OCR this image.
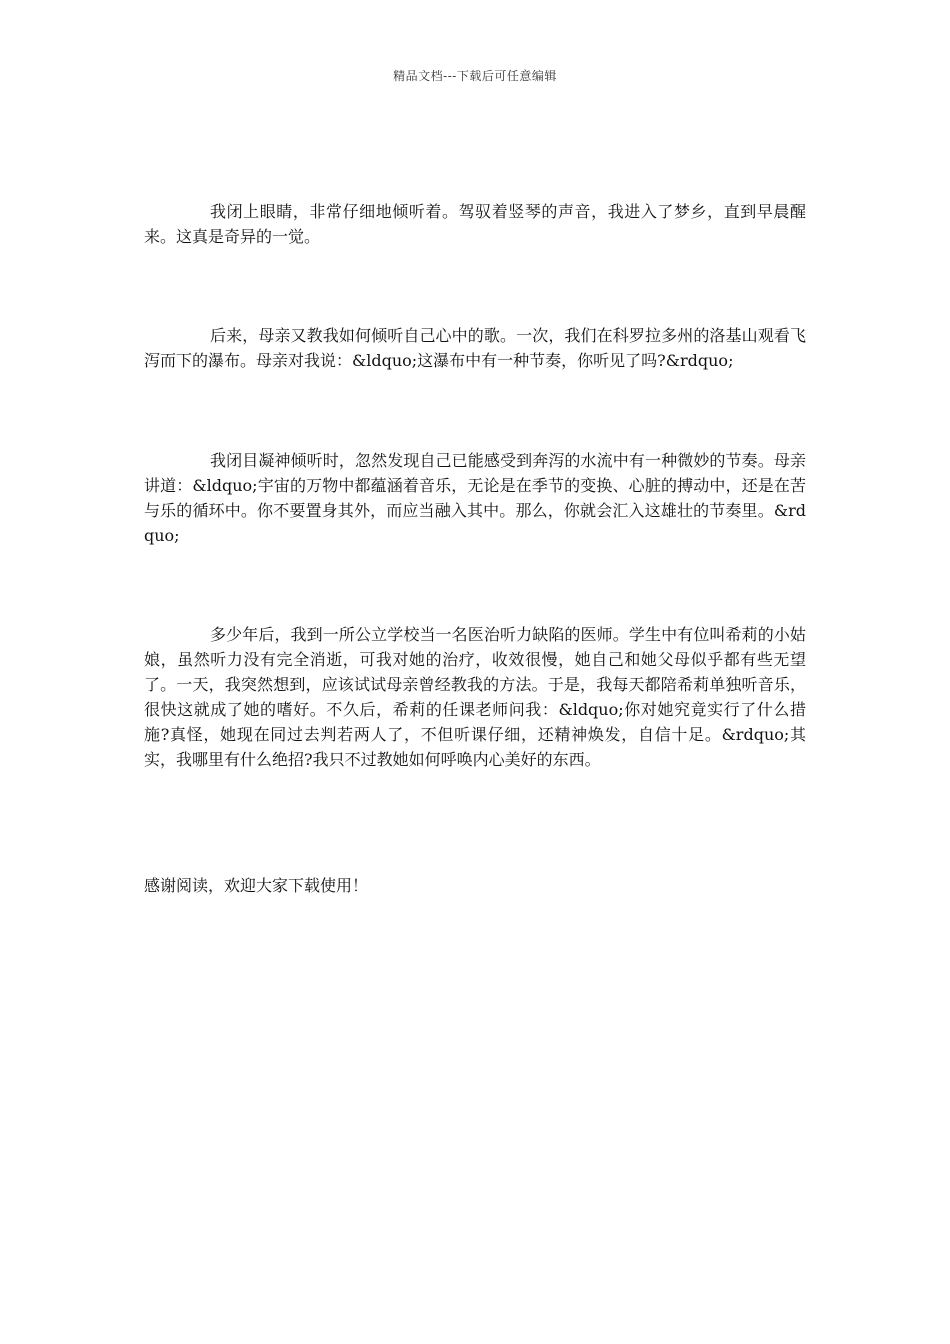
精品文档---下载后可任意编辑

我闭上眼睛，非常仔细地倾听着。驾驭着竖琴的声音，我进入了梦乡，直到早晨醒来。这真是奇异的一觉。

后来，母亲又教我如何倾听自己心中的歌。一次，我们在科罗拉多州的洛基山观看飞泻而下的瀑布。母亲对我说：&ldquo;这瀑布中有一种节奏，你听见了吗?&rdquo;

我闭目凝神倾听时，忽然发现自己已能感受到奔泻的水流中有一种微妙的节奏。母亲讲道：&ldquo;宇宙的万物中都蕴涵着音乐，无论是在季节的变换、心脏的搏动中，还是在苦与乐的循环中。你不要置身其外，而应当融入其中。那么，你就会汇入这雄壮的节奏里。&rdquo;

多少年后，我到一所公立学校当一名医治听力缺陷的医师。学生中有位叫希莉的小姑娘，虽然听力没有完全消逝，可我对她的治疗，收效很慢，她自己和她父母似乎都有些无望了。一天，我突然想到，应该试试母亲曾经教我的方法。于是，我每天都陪希莉单独听音乐，很快这就成了她的嗜好。不久后，希莉的任课老师问我：&ldquo;你对她究竟实行了什么措施?真怪，她现在同过去判若两人了，不但听课仔细，还精神焕发，自信十足。&rdquo;其实，我哪里有什么绝招?我只不过教她如何呼唤内心美好的东西。

感谢阅读，欢迎大家下载使用！
